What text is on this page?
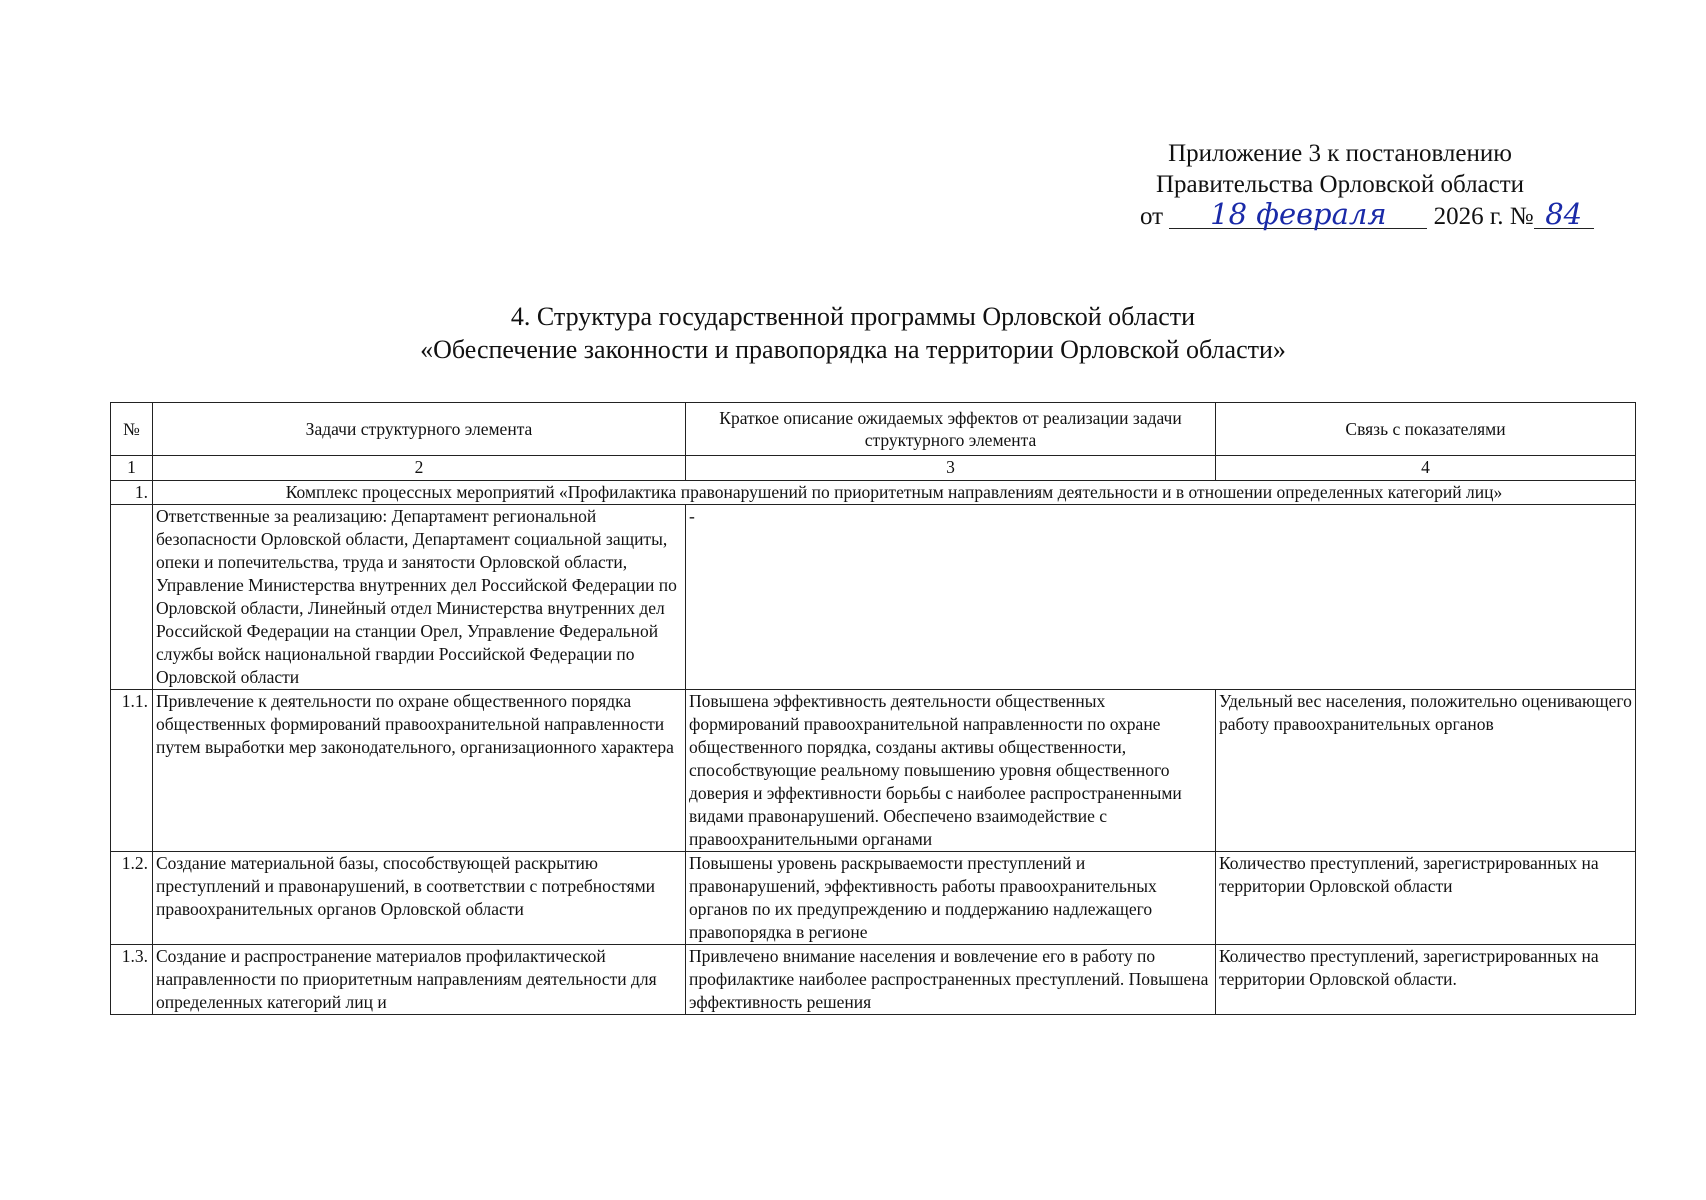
Приложение 3 к постановлению
Правительства Орловской области
от 18 февраля 2026 г. № 84
4. Структура государственной программы Орловской области
«Обеспечение законности и правопорядка на территории Орловской области»
№	Задачи структурного элемента	Краткое описание ожидаемых эффектов от реализации задачи структурного элемента	Связь с показателями
1	2	3	4
1.	Комплекс процессных мероприятий «Профилактика правонарушений по приоритетным направлениям деятельности и в отношении определенных категорий лиц»		
	Ответственные за реализацию: Департамент региональной безопасности Орловской области, Департамент социальной защиты, опеки и попечительства, труда и занятости Орловской области, Управление Министерства внутренних дел Российской Федерации по Орловской области, Линейный отдел Министерства внутренних дел Российской Федерации на станции Орел, Управление Федеральной службы войск национальной гвардии Российской Федерации по Орловской области	-	

1.1.	Привлечение к деятельности по охране общественного порядка общественных формирований правоохранительной направленности путем выработки мер законодательного, организационного характера	Повышена эффективность деятельности общественных формирований правоохранительной направленности по охране общественного порядка, созданы активы общественности, способствующие реальному повышению уровня общественного доверия и эффективности борьбы с наиболее распространенными видами правонарушений. Обеспечено взаимодействие с правоохранительными органами	Удельный вес населения, положительно оценивающего работу правоохранительных органов
1.2.	Создание материальной базы, способствующей раскрытию преступлений и правонарушений, в соответствии с потребностями правоохранительных органов Орловской области	Повышены уровень раскрываемости преступлений и правонарушений, эффективность работы правоохранительных органов по их предупреждению и поддержанию надлежащего правопорядка в регионе	Количество преступлений, зарегистрированных на территории Орловской области
1.3.	Создание и распространение материалов профилактической направленности по приоритетным направлениям деятельности для определенных категорий лиц и	Привлечено внимание населения и вовлечение его в работу по профилактике наиболее распространенных преступлений. Повышена эффективность решения	Количество преступлений, зарегистрированных на территории Орловской области.
